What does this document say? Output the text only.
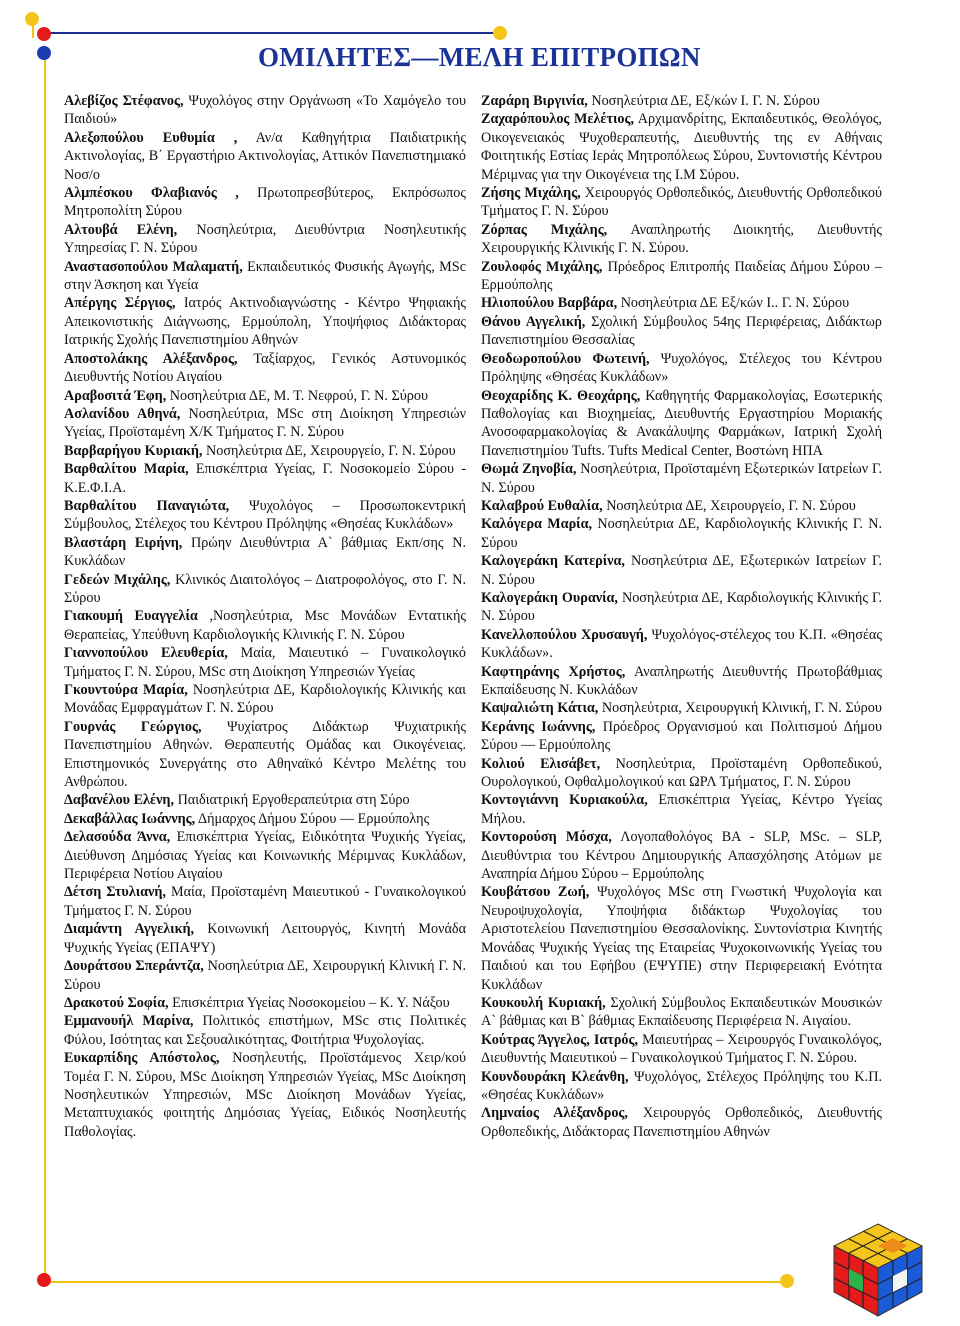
ΟΜΙΛΗΤΕΣ—ΜΕΛΗ ΕΠΙΤΡΟΠΩΝ

Αλεβίζος Στέφανος, Ψυχολόγος στην Οργάνωση «Το Χαμόγελο του Παιδιού»

Αλεξοπούλου Ευθυμία , Αν/α Καθηγήτρια Παιδιατρικής Ακτινολογίας, Β΄ Εργαστήριο Ακτινολογίας, Αττικόν Πανεπιστημιακό Νοσ/ο

Αλμπέσκου Φλαβιανός , Πρωτοπρεσβύτερος, Εκπρόσωπος Μητροπολίτη Σύρου

Αλτουβά Ελένη, Νοσηλεύτρια, Διευθύντρια Νοσηλευτικής Υπηρεσίας Γ. Ν. Σύρου

Αναστασοπούλου Μαλαματή, Εκπαιδευτικός Φυσικής Αγωγής, MSc στην Άσκηση και Υγεία

Απέργης Σέργιος, Ιατρός Ακτινοδιαγνώστης - Κέντρο Ψηφιακής Απεικονιστικής Διάγνωσης, Ερμούπολη, Υποψήφιος Διδάκτορας Ιατρικής Σχολής Πανεπιστημίου Αθηνών

Αποστολάκης Αλέξανδρος, Ταξίαρχος, Γενικός Αστυνομικός Διευθυντής Νοτίου Αιγαίου

Αραβοσιτά Έφη, Νοσηλεύτρια ΔΕ, Μ. Τ. Νεφρού, Γ. Ν. Σύρου

Ασλανίδου Αθηνά, Νοσηλεύτρια, MSc στη Διοίκηση Υπηρεσιών Υγείας, Προϊσταμένη Χ/Κ Τμήματος Γ. Ν. Σύρου

Βαρβαρήγου Κυριακή, Νοσηλεύτρια ΔΕ, Χειρουργείο, Γ. Ν. Σύρου

Βαρθαλίτου Μαρία, Επισκέπτρια Υγείας, Γ. Νοσοκομείο Σύρου - Κ.Ε.Φ.Ι.Α.

Βαρθαλίτου Παναγιώτα, Ψυχολόγος – Προσωποκεντρική Σύμβουλος, Στέλεχος του Κέντρου Πρόληψης «Θησέας Κυκλάδων»

Βλαστάρη Ειρήνη, Πρώην Διευθύντρια Α` βάθμιας Εκπ/σης Ν. Κυκλάδων

Γεδεών Μιχάλης, Κλινικός Διαιτολόγος – Διατροφολόγος, στο Γ. Ν. Σύρου

Γιακουμή Ευαγγελία ,Νοσηλεύτρια, Msc Μονάδων Εντατικής Θεραπείας, Υπεύθυνη Καρδιολογικής Κλινικής Γ. Ν. Σύρου

Γιαννοπούλου Ελευθερία, Μαία, Μαιευτικό – Γυναικολογικό Τμήματος Γ. Ν. Σύρου, MSc στη Διοίκηση Υπηρεσιών Υγείας

Γκουντούρα Μαρία, Νοσηλεύτρια ΔΕ, Καρδιολογικής Κλινικής και Μονάδας Εμφραγμάτων Γ. Ν. Σύρου

Γουρνάς Γεώργιος, Ψυχίατρος Διδάκτωρ Ψυχιατρικής Πανεπιστημίου Αθηνών. Θεραπευτής Ομάδας και Οικογένειας. Επιστημονικός Συνεργάτης στο Αθηναϊκό Κέντρο Μελέτης του Ανθρώπου.

Δαβανέλου Ελένη, Παιδιατρική Εργοθεραπεύτρια στη Σύρο

Δεκαβάλλας Ιωάννης, Δήμαρχος Δήμου Σύρου — Ερμούπολης

Δελασούδα Άννα, Επισκέπτρια Υγείας, Ειδικότητα Ψυχικής Υγείας, Διεύθυνση Δημόσιας Υγείας και Κοινωνικής Μέριμνας Κυκλάδων, Περιφέρεια Νοτίου Αιγαίου

Δέτση Στυλιανή, Μαία, Προϊσταμένη Μαιευτικού - Γυναικολογικού Τμήματος Γ. Ν. Σύρου

Διαμάντη Αγγελική, Κοινωνική Λειτουργός, Κινητή Μονάδα Ψυχικής Υγείας (ΕΠΑΨΥ)

Δουράτσου Σπεράντζα, Νοσηλεύτρια ΔΕ, Χειρουργική Κλινική Γ. Ν. Σύρου

Δρακοτού Σοφία, Επισκέπτρια Υγείας Νοσοκομείου – Κ. Υ. Νάξου

Εμμανουήλ Μαρίνα, Πολιτικός επιστήμων, MSc στις Πολιτικές Φύλου, Ισότητας και Σεξουαλικότητας, Φοιτήτρια Ψυχολογίας.

Ευκαρπίδης Απόστολος, Νοσηλευτής, Προϊστάμενος Χειρ/κού Τομέα Γ. Ν. Σύρου, MSc Διοίκηση Υπηρεσιών Υγείας, MSc Διοίκηση Νοσηλευτικών Υπηρεσιών, MSc Διοίκηση Μονάδων Υγείας, Μεταπτυχιακός φοιτητής Δημόσιας Υγείας, Ειδικός Νοσηλευτής Παθολογίας.

Ζαράρη Βιργινία, Νοσηλεύτρια ΔΕ, Εξ/κών Ι. Γ. Ν. Σύρου

Ζαχαρόπουλος Μελέτιος, Αρχιμανδρίτης, Εκπαιδευτικός, Θεολόγος, Οικογενειακός Ψυχοθεραπευτής, Διευθυντής της εν Αθήναις Φοιτητικής Εστίας Ιεράς Μητροπόλεως Σύρου, Συντονιστής Κέντρου Μέριμνας για την Οικογένεια της Ι.Μ Σύρου.

Ζήσης Μιχάλης, Χειρουργός Ορθοπεδικός, Διευθυντής Ορθοπεδικού Τμήματος Γ. Ν. Σύρου

Ζόρπας Μιχάλης, Αναπληρωτής Διοικητής, Διευθυντής Χειρουργικής Κλινικής Γ. Ν. Σύρου.

Ζουλοφός Μιχάλης, Πρόεδρος Επιτροπής Παιδείας Δήμου Σύρου – Ερμούπολης

Ηλιοπούλου Βαρβάρα, Νοσηλεύτρια ΔΕ Εξ/κών Ι.. Γ. Ν. Σύρου

Θάνου Αγγελική, Σχολική Σύμβουλος 54ης Περιφέρειας, Διδάκτωρ Πανεπιστημίου Θεσσαλίας

Θεοδωροπούλου Φωτεινή, Ψυχολόγος, Στέλεχος του Κέντρου Πρόληψης «Θησέας Κυκλάδων»

Θεοχαρίδης Κ. Θεοχάρης, Καθηγητής Φαρμακολογίας, Εσωτερικής Παθολογίας και Βιοχημείας, Διευθυντής Εργαστηρίου Μοριακής Ανοσοφαρμακολογίας & Ανακάλυψης Φαρμάκων, Ιατρική Σχολή Πανεπιστημίου Tufts. Tufts Medical Center, Βοστώνη ΗΠΑ

Θωμά Ζηνοβία, Νοσηλεύτρια, Προϊσταμένη Εξωτερικών Ιατρείων Γ. Ν. Σύρου

Καλαβρού Ευθαλία, Νοσηλεύτρια ΔΕ, Χειρουργείο, Γ. Ν. Σύρου

Καλόγερα Μαρία, Νοσηλεύτρια ΔΕ, Καρδιολογικής Κλινικής Γ. Ν. Σύρου

Καλογεράκη Κατερίνα, Νοσηλεύτρια ΔΕ, Εξωτερικών Ιατρείων Γ. Ν. Σύρου

Καλογεράκη Ουρανία, Νοσηλεύτρια ΔΕ, Καρδιολογικής Κλινικής Γ. Ν. Σύρου

Κανελλοπούλου Χρυσαυγή, Ψυχολόγος-στέλεχος του Κ.Π. «Θησέας Κυκλάδων».

Καφτηράνης Χρήστος, Αναπληρωτής Διευθυντής Πρωτοβάθμιας Εκπαίδευσης Ν. Κυκλάδων

Καψαλιώτη Κάτια, Νοσηλεύτρια, Χειρουργική Κλινική, Γ. Ν. Σύρου

Κεράνης Ιωάννης, Πρόεδρος Οργανισμού και Πολιτισμού Δήμου Σύρου — Ερμούπολης

Κολιού Ελισάβετ, Νοσηλεύτρια, Προϊσταμένη Ορθοπεδικού, Ουρολογικού, Οφθαλμολογικού και ΩΡΛ Τμήματος, Γ. Ν. Σύρου

Κοντογιάννη Κυριακούλα, Επισκέπτρια Υγείας, Κέντρο Υγείας Μήλου.

Κοντορούση Μόσχα, Λογοπαθολόγος ΒΑ - SLP, MSc. – SLP, Διευθύντρια του Κέντρου Δημιουργικής Απασχόλησης Ατόμων με Αναπηρία Δήμου Σύρου – Ερμούπολης

Κουβάτσου Ζωή, Ψυχολόγος MSc στη Γνωστική Ψυχολογία και Νευροψυχολογία, Υποψήφια διδάκτωρ Ψυχολογίας του Αριστοτελείου Πανεπιστημίου Θεσσαλονίκης. Συντονίστρια Κινητής Μονάδας Ψυχικής Υγείας της Εταιρείας Ψυχοκοινωνικής Υγείας του Παιδιού και του Εφήβου (ΕΨΥΠΕ) στην Περιφερειακή Ενότητα Κυκλάδων

Κουκουλή Κυριακή, Σχολική Σύμβουλος Εκπαιδευτικών Μουσικών Α` βάθμιας και Β` βάθμιας Εκπαίδευσης Περιφέρεια Ν. Αιγαίου.

Κούτρας Άγγελος, Ιατρός, Μαιευτήρας – Χειρουργός Γυναικολόγος, Διευθυντής Μαιευτικού – Γυναικολογικού Τμήματος Γ. Ν. Σύρου.

Κουνδουράκη Κλεάνθη, Ψυχολόγος, Στέλεχος Πρόληψης του Κ.Π. «Θησέας Κυκλάδων»

Λημναίος Αλέξανδρος, Χειρουργός Ορθοπεδικός, Διευθυντής Ορθοπεδικής, Διδάκτορας Πανεπιστημίου Αθηνών
